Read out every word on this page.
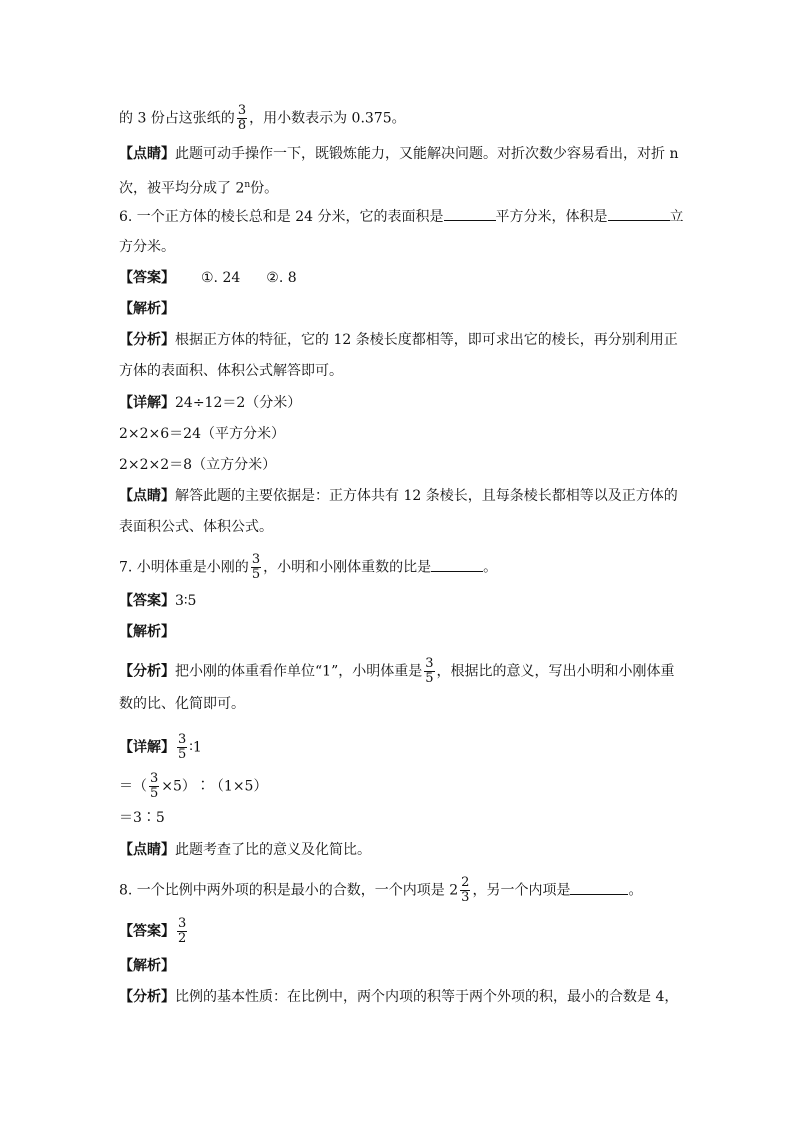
的 3 份占这张纸的 $\frac{3}{8}$ ，用小数表示为 0.375。
【点睛】此题可动手操作一下，既锻炼能力，又能解决问题。对折次数少容易看出，对折 n
次，被平均分成了 2$^n$份。
6. 一个正方体的棱长总和是 24 分米，它的表面积是	平方分米，体积是	立
方分米。
【答案】 ①. 24 ②. 8
【解析】
【分析】根据正方体的特征，它的 12 条棱长度都相等，即可求出它的棱长，再分别利用正
方体的表面积、体积公式解答即可。
【详解】24÷12＝2（分米）
2×2×6＝24（平方分米）
2×2×2＝8（立方分米）
【点睛】解答此题的主要依据是：正方体共有 12 条棱长，且每条棱长都相等以及正方体的
表面积公式、体积公式。
7. 小明体重是小刚的 $\frac{3}{5}$ ，小明和小刚体重数的比是	。
【答案】3∶5
【解析】
【分析】把小刚的体重看作单位“1”，小明体重是 $\frac{3}{5}$ ，根据比的意义，写出小明和小刚体重
数的比、化简即可。
【详解】 $\frac{3}{5}$ ∶1
＝（ $\frac{3}{5}$ ×5）∶（1×5）
＝3∶5
【点睛】此题考查了比的意义及化简比。
8. 一个比例中两外项的积是最小的合数，一个内项是 $2 \frac{2}{3}$ ，另一个内项是	。
【答案】 $\frac{3}{2}$
【解析】
【分析】比例的基本性质：在比例中，两个内项的积等于两个外项的积，最小的合数是 4，
